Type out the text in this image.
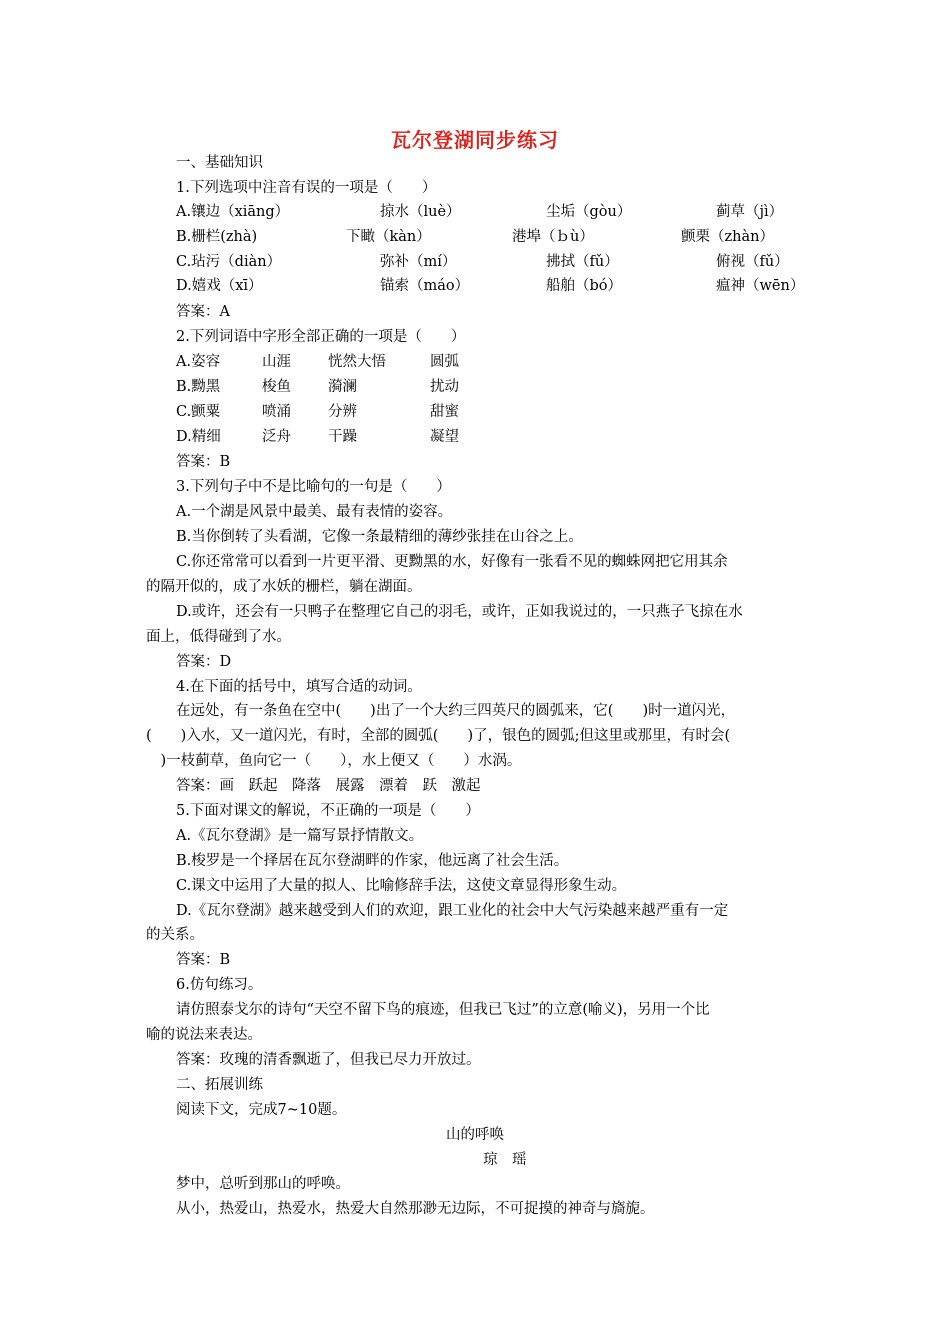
瓦尔登湖同步练习
一、基础知识
1.下列选项中注音有误的一项是（　　）
A.镶边（xiāng）	掠水（luè）	尘垢（gòu）	蓟草（jì）
B.栅栏(zhà)	下瞰（kàn）	港埠（ｂù）	颤栗（zhàn）
C.玷污（diàn）	弥补（mí）	拂拭（fǔ）	俯视（fǔ）
D.嬉戏（xī）	锚索（máo）	船舶（bó）	瘟神（wēn）
答案：A
2.下列词语中字形全部正确的一项是（　　）
A.姿容	山涯	恍然大悟	圆弧
B.黝黑	梭鱼	漪澜	扰动
C.颤粟	喷涌	分辨	甜蜜
D.精细	泛舟	干躁	凝望
答案：B
3.下列句子中不是比喻句的一句是（　　）
A.一个湖是风景中最美、最有表情的姿容。
B.当你倒转了头看湖，它像一条最精细的薄纱张挂在山谷之上。
C.你还常常可以看到一片更平滑、更黝黑的水，好像有一张看不见的蜘蛛网把它用其余
的隔开似的，成了水妖的栅栏，躺在湖面。
D.或许，还会有一只鸭子在整理它自己的羽毛，或许，正如我说过的，一只燕子飞掠在水
面上，低得碰到了水。
答案：D
4.在下面的括号中，填写合适的动词。
在远处，有一条鱼在空中(　　)出了一个大约三四英尺的圆弧来，它(　　)时一道闪光，
(　　)入水，又一道闪光，有时，全部的圆弧(　　)了，银色的圆弧;但这里或那里，有时会(
　)一枝蓟草，鱼向它一（　　），水上便又（　　）水涡。
答案：画　跃起　降落　展露　漂着　跃　激起
5.下面对课文的解说，不正确的一项是（　　）
A.《瓦尔登湖》是一篇写景抒情散文。
B.梭罗是一个择居在瓦尔登湖畔的作家，他远离了社会生活。
C.课文中运用了大量的拟人、比喻修辞手法，这使文章显得形象生动。
D.《瓦尔登湖》越来越受到人们的欢迎，跟工业化的社会中大气污染越来越严重有一定
的关系。
答案：B
6.仿句练习。
请仿照泰戈尔的诗句“天空不留下鸟的痕迹，但我已飞过”的立意(喻义)，另用一个比
喻的说法来表达。
答案：玫瑰的清香飘逝了，但我已尽力开放过。
二、拓展训练
阅读下文，完成7~10题。
山的呼唤
琼　瑶
梦中，总听到那山的呼唤。
从小，热爱山，热爱水，热爱大自然那渺无边际，不可捉摸的神奇与旖旎。
